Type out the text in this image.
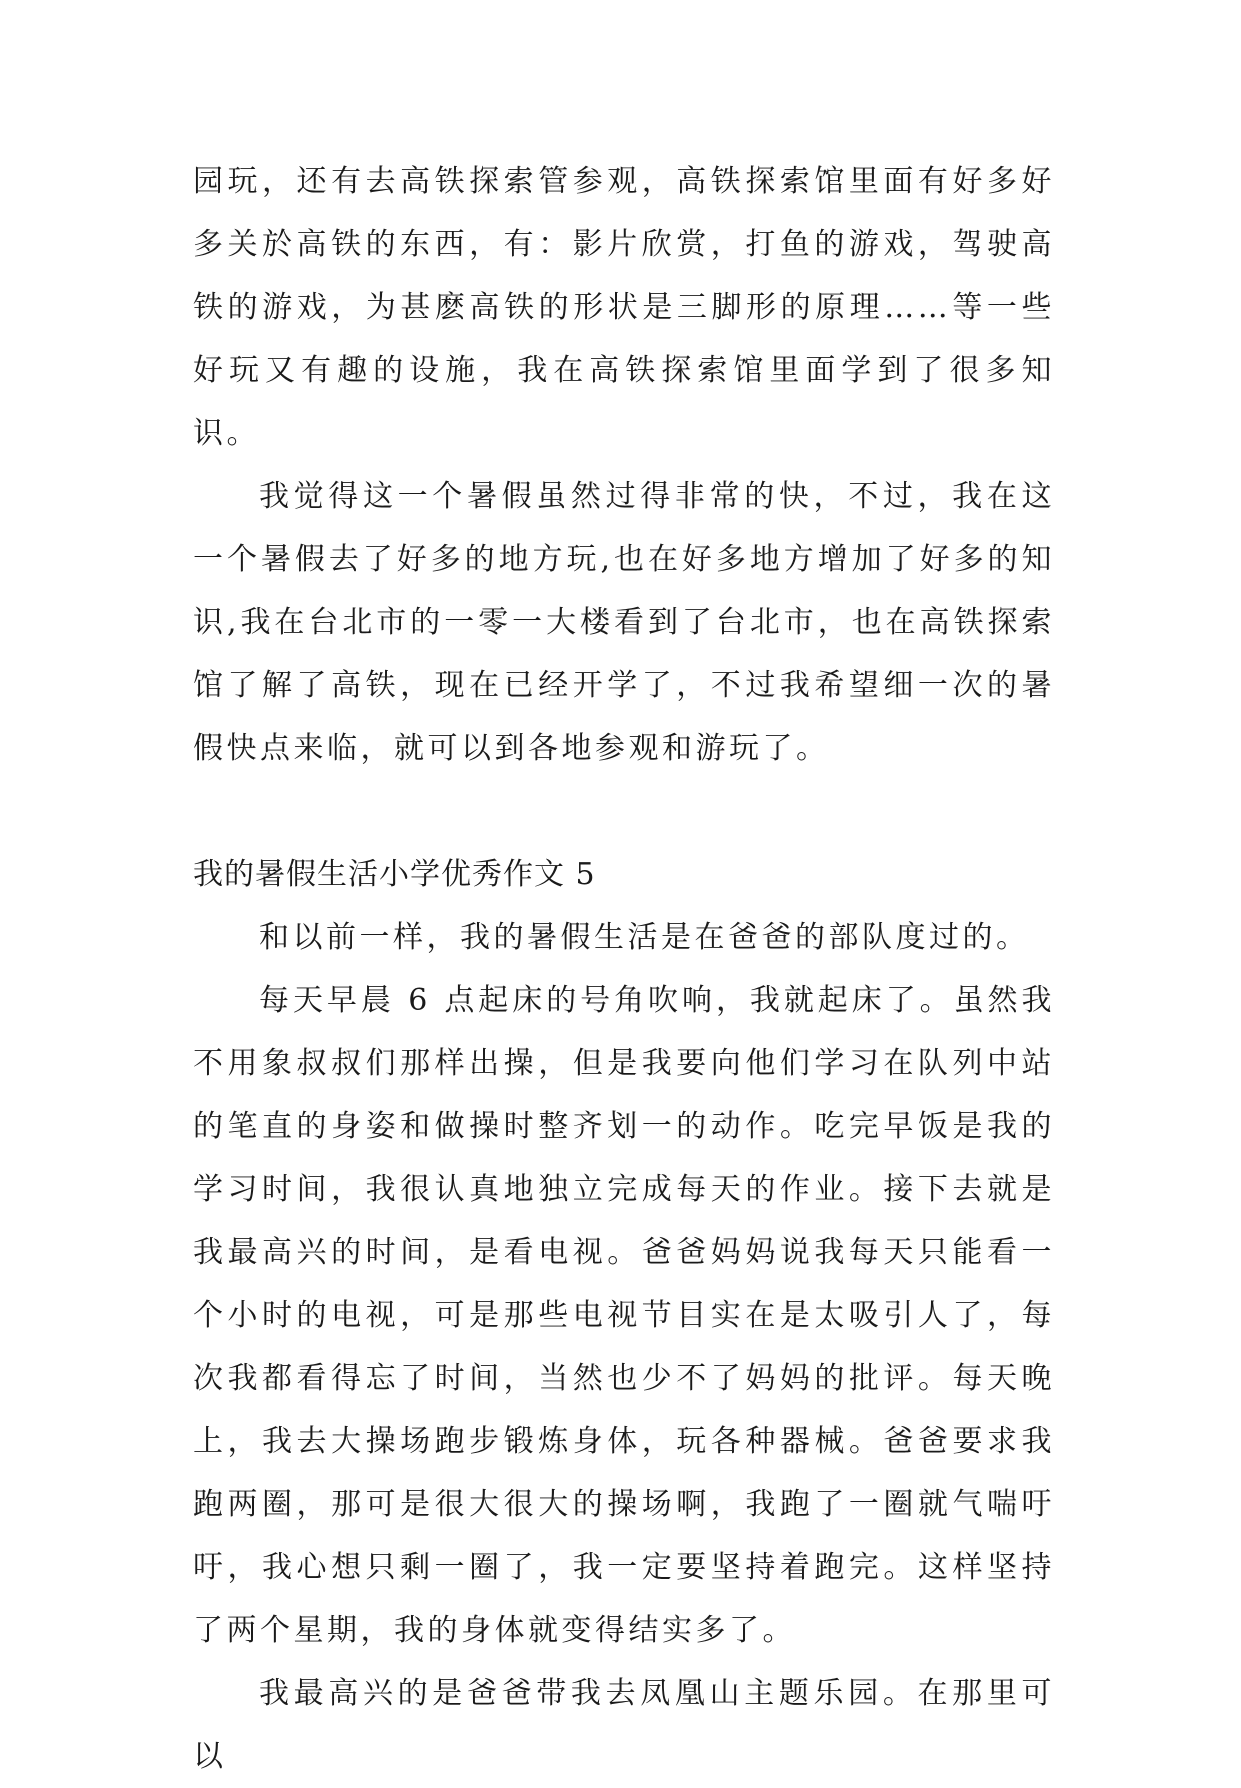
园玩，还有去高铁探索管参观，高铁探索馆里面有好多好多关於高铁的东西，有：影片欣赏，打鱼的游戏，驾驶高铁的游戏，为甚麽高铁的形状是三脚形的原理……等一些好玩又有趣的设施，我在高铁探索馆里面学到了很多知识。

我觉得这一个暑假虽然过得非常的快，不过，我在这一个暑假去了好多的地方玩,也在好多地方增加了好多的知识,我在台北市的一零一大楼看到了台北市，也在高铁探索馆了解了高铁，现在已经开学了，不过我希望细一次的暑假快点来临，就可以到各地参观和游玩了。

我的暑假生活小学优秀作文 5

和以前一样，我的暑假生活是在爸爸的部队度过的。

每天早晨 6 点起床的号角吹响，我就起床了。虽然我不用象叔叔们那样出操，但是我要向他们学习在队列中站的笔直的身姿和做操时整齐划一的动作。吃完早饭是我的学习时间，我很认真地独立完成每天的作业。接下去就是我最高兴的时间，是看电视。爸爸妈妈说我每天只能看一个小时的电视，可是那些电视节目实在是太吸引人了，每次我都看得忘了时间，当然也少不了妈妈的批评。每天晚上，我去大操场跑步锻炼身体，玩各种器械。爸爸要求我跑两圈，那可是很大很大的操场啊，我跑了一圈就气喘吁吁，我心想只剩一圈了，我一定要坚持着跑完。这样坚持了两个星期，我的身体就变得结实多了。

我最高兴的是爸爸带我去凤凰山主题乐园。在那里可以
